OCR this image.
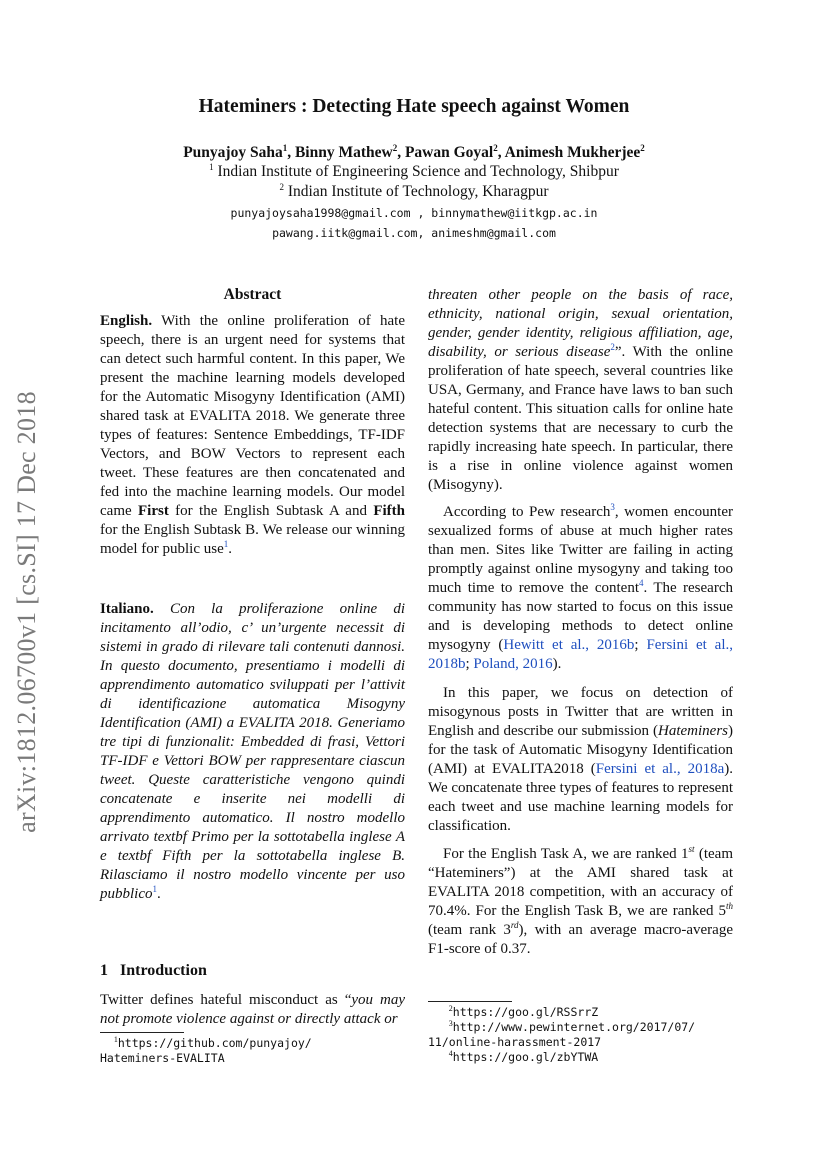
arXiv:1812.06700v1 [cs.SI] 17 Dec 2018
Hateminers : Detecting Hate speech against Women
Punyajoy Saha$^1$, Binny Mathew$^2$, Pawan Goyal$^2$, Animesh Mukherjee$^2$
$^1$ Indian Institute of Engineering Science and Technology, Shibpur
$^2$ Indian Institute of Technology, Kharagpur
punyajoysaha1998@gmail.com , binnymathew@iitkgp.ac.in
pawang.iitk@gmail.com, animeshm@gmail.com
Abstract

English. With the online proliferation of hate speech, there is an urgent need for systems that can detect such harmful content. In this paper, We present the machine learning models developed for the Automatic Misogyny Identification (AMI) shared task at EVALITA 2018. We generate three types of features: Sentence Embeddings, TF-IDF Vectors, and BOW Vectors to represent each tweet. These features are then concatenated and fed into the machine learning models. Our model came First for the English Subtask A and Fifth for the English Subtask B. We release our winning model for public use$^1$.

Italiano. Con la proliferazione online di incitamento all’odio, c’ un’urgente necessit di sistemi in grado di rilevare tali contenuti dannosi. In questo documento, presentiamo i modelli di apprendimento automatico sviluppati per l’attivit di identificazione automatica Misogyny Identification (AMI) a EVALITA 2018. Generiamo tre tipi di funzionalit: Embedded di frasi, Vettori TF-IDF e Vettori BOW per rappresentare ciascun tweet. Queste caratteristiche vengono quindi concatenate e inserite nei modelli di apprendimento automatico. Il nostro modello arrivato textbf Primo per la sottotabella inglese A e textbf Fifth per la sottotabella inglese B. Rilasciamo il nostro modello vincente per uso pubblico$^1$.

1 Introduction

Twitter defines hateful misconduct as “you may not promote violence against or directly attack or

$^1$https://github.com/punyajoy/
Hateminers-EVALITA

threaten other people on the basis of race, ethnicity, national origin, sexual orientation, gender, gender identity, religious affiliation, age, disability, or serious disease$^2$”. With the online proliferation of hate speech, several countries like USA, Germany, and France have laws to ban such hateful content. This situation calls for online hate detection systems that are necessary to curb the rapidly increasing hate speech. In particular, there is a rise in online violence against women (Misogyny).

According to Pew research$^3$, women encounter sexualized forms of abuse at much higher rates than men. Sites like Twitter are failing in acting promptly against online mysogyny and taking too much time to remove the content$^4$. The research community has now started to focus on this issue and is developing methods to detect online mysogyny (Hewitt et al., 2016b; Fersini et al., 2018b; Poland, 2016).

In this paper, we focus on detection of misogynous posts in Twitter that are written in English and describe our submission (Hateminers) for the task of Automatic Misogyny Identification (AMI) at EVALITA2018 (Fersini et al., 2018a). We concatenate three types of features to represent each tweet and use machine learning models for classification.

For the English Task A, we are ranked 1st (team “Hateminers”) at the AMI shared task at EVALITA 2018 competition, with an accuracy of 70.4%. For the English Task B, we are ranked 5th (team rank 3rd), with an average macro-average F1-score of 0.37.

$^2$https://goo.gl/RSSrrZ
$^3$http://www.pewinternet.org/2017/07/
11/online-harassment-2017
$^4$https://goo.gl/zbYTWA
